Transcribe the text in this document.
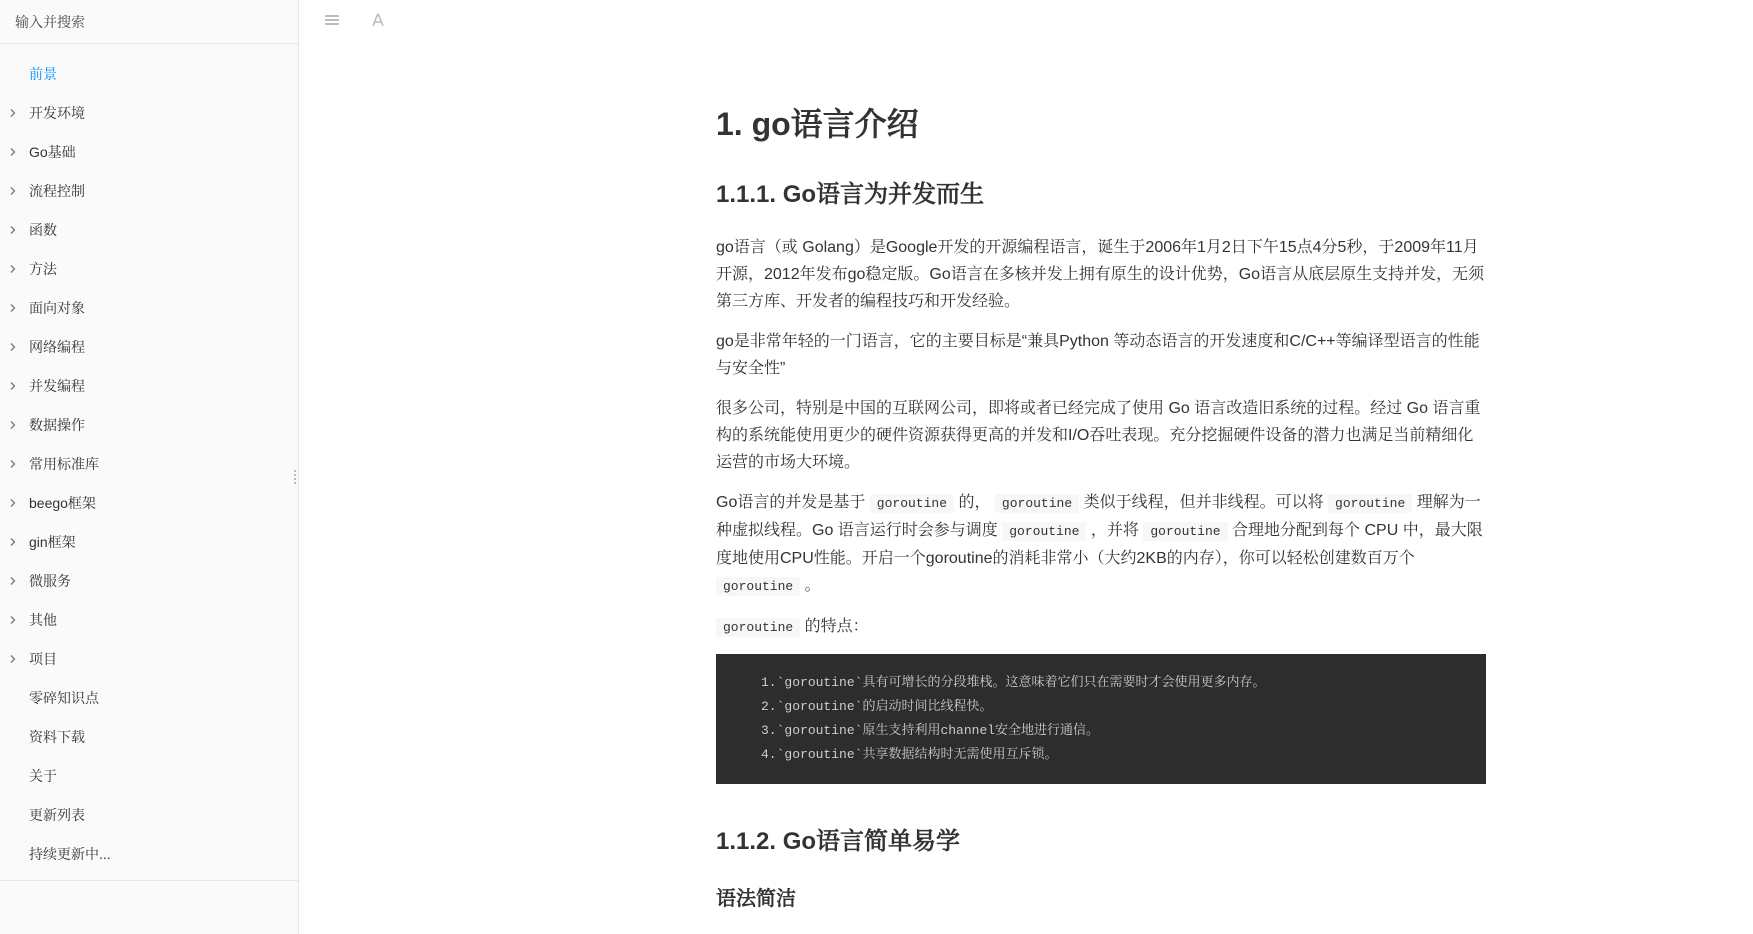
输入并搜索
前景
开发环境
Go基础
流程控制
函数
方法
面向对象
网络编程
并发编程
数据操作
常用标准库
beego框架
gin框架
微服务
其他
项目
零碎知识点
资料下载
关于
更新列表
持续更新中...
1. go语言介绍
1.1.1. Go语言为并发而生

go语言（或 Golang）是Google开发的开源编程语言，诞生于2006年1月2日下午15点4分5秒，于2009年11月开源，2012年发布go稳定版。Go语言在多核并发上拥有原生的设计优势，Go语言从底层原生支持并发，无须第三方库、开发者的编程技巧和开发经验。

go是非常年轻的一门语言，它的主要目标是“兼具Python 等动态语言的开发速度和C/C++等编译型语言的性能与安全性”

很多公司，特别是中国的互联网公司，即将或者已经完成了使用 Go 语言改造旧系统的过程。经过 Go 语言重构的系统能使用更少的硬件资源获得更高的并发和I/O吞吐表现。充分挖掘硬件设备的潜力也满足当前精细化运营的市场大环境。

Go语言的并发是基于 goroutine 的， goroutine 类似于线程，但并非线程。可以将 goroutine 理解为一种虚拟线程。Go 语言运行时会参与调度 goroutine ，并将 goroutine 合理地分配到每个 CPU 中，最大限度地使用CPU性能。开启一个goroutine的消耗非常小（大约2KB的内存），你可以轻松创建数百万个 goroutine 。

goroutine 的特点：

1.`goroutine`具有可增长的分段堆栈。这意味着它们只在需要时才会使用更多内存。
2.`goroutine`的启动时间比线程快。
3.`goroutine`原生支持利用channel安全地进行通信。
4.`goroutine`共享数据结构时无需使用互斥锁。
1.1.2. Go语言简单易学
语法简洁
